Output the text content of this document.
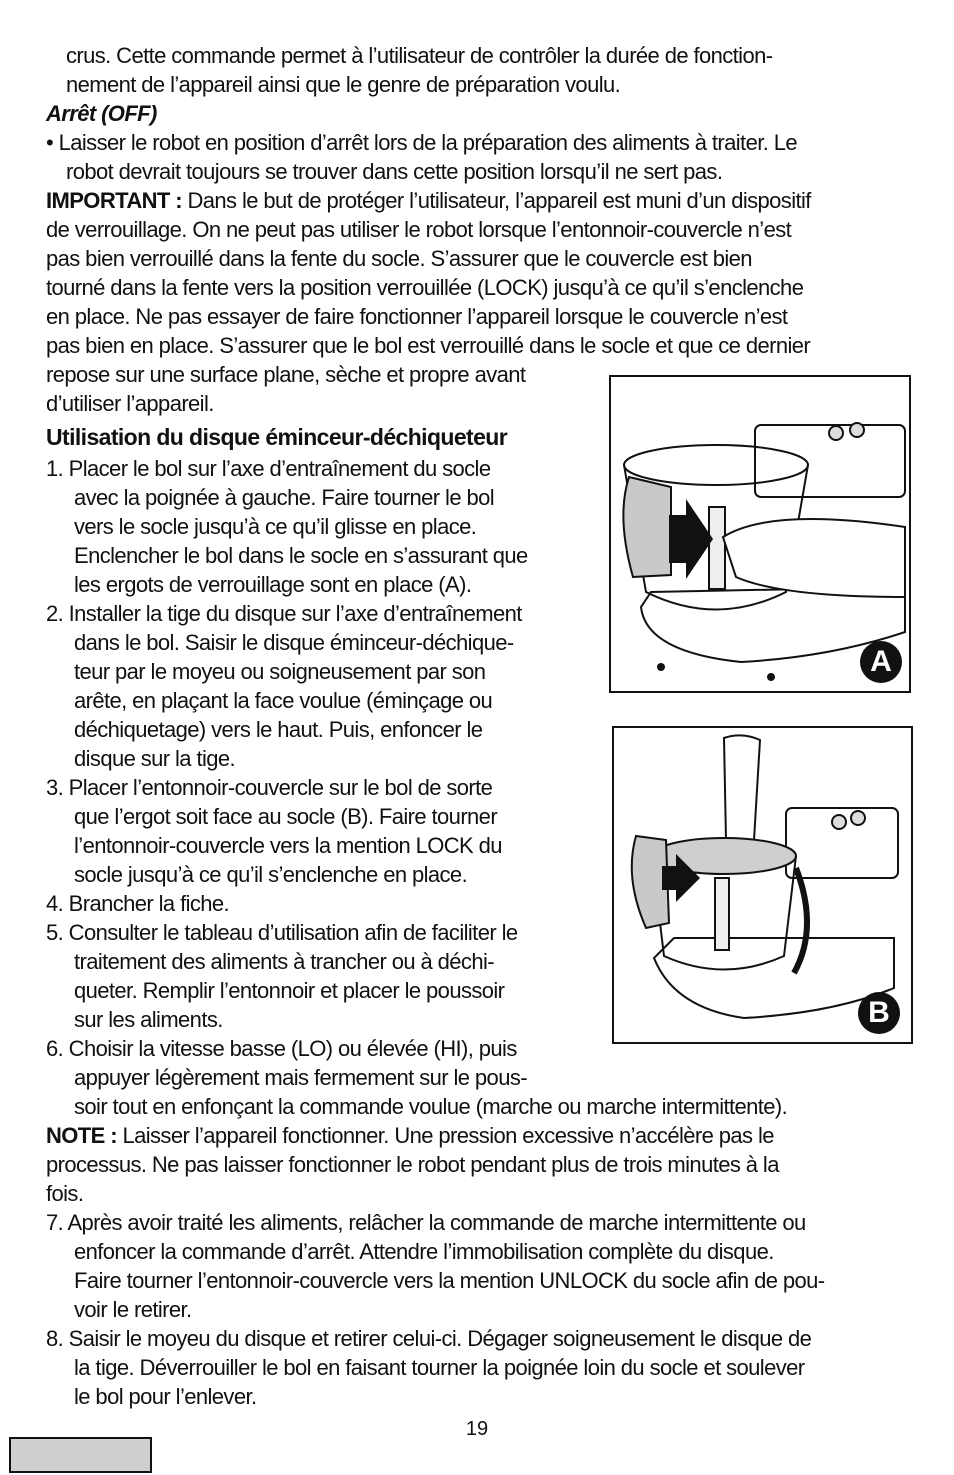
crus. Cette commande permet à l’utilisateur de contrôler la durée de fonction-
nement de l’appareil ainsi que le genre de préparation voulu.
Arrêt (OFF)
• Laisser le robot en position d’arrêt lors de la préparation des aliments à traiter. Le
robot devrait toujours se trouver dans cette position lorsqu’il ne sert pas.
IMPORTANT : Dans le but de protéger l’utilisateur, l’appareil est muni d’un dispositif
de verrouillage. On ne peut pas utiliser le robot lorsque l’entonnoir-couvercle n’est
pas bien verrouillé dans la fente du socle. S’assurer que le couvercle est bien
tourné dans la fente vers la position verrouillée (LOCK) jusqu’à ce qu’il s’enclenche
en place. Ne pas essayer de faire fonctionner l’appareil lorsque le couvercle n’est
pas bien en place. S’assurer que le bol est verrouillé dans le socle et que ce dernier
repose sur une surface plane, sèche et propre avant
d’utiliser l’appareil.
Utilisation du disque éminceur-déchiqueteur
1. Placer le bol sur l’axe d’entraînement du socle
avec la poignée à gauche. Faire tourner le bol
vers le socle jusqu’à ce qu’il glisse en place.
Enclencher le bol dans le socle en s’assurant que
les ergots de verrouillage sont en place (A).
2. Installer la tige du disque sur l’axe d’entraînement
dans le bol. Saisir le disque éminceur-déchique-
teur par le moyeu ou soigneusement par son
arête, en plaçant la face voulue (éminçage ou
déchiquetage) vers le haut. Puis, enfoncer le
disque sur la tige.
3. Placer l’entonnoir-couvercle sur le bol de sorte
que l’ergot soit face au socle (B). Faire tourner
l’entonnoir-couvercle vers la mention LOCK du
socle jusqu’à ce qu’il s’enclenche en place.
4. Brancher la fiche.
5. Consulter le tableau d’utilisation afin de faciliter le
traitement des aliments à trancher ou à déchi-
queter. Remplir l’entonnoir et placer le poussoir
sur les aliments.
6. Choisir la vitesse basse (LO) ou élevée (HI), puis
appuyer légèrement mais fermement sur le pous-
soir tout en enfonçant la commande voulue (marche ou marche intermittente).
NOTE : Laisser l’appareil fonctionner. Une pression excessive n’accélère pas le
processus. Ne pas laisser fonctionner le robot pendant plus de trois minutes à la
fois.
7. Après avoir traité les aliments, relâcher la commande de marche intermittente ou
enfoncer la commande d’arrêt. Attendre l’immobilisation complète du disque.
Faire tourner l’entonnoir-couvercle vers la mention UNLOCK du socle afin de pou-
voir le retirer.
8. Saisir le moyeu du disque et retirer celui-ci. Dégager soigneusement le disque de
la tige. Déverrouiller le bol en faisant tourner la poignée loin du socle et soulever
le bol pour l’enlever.
A
B
19
